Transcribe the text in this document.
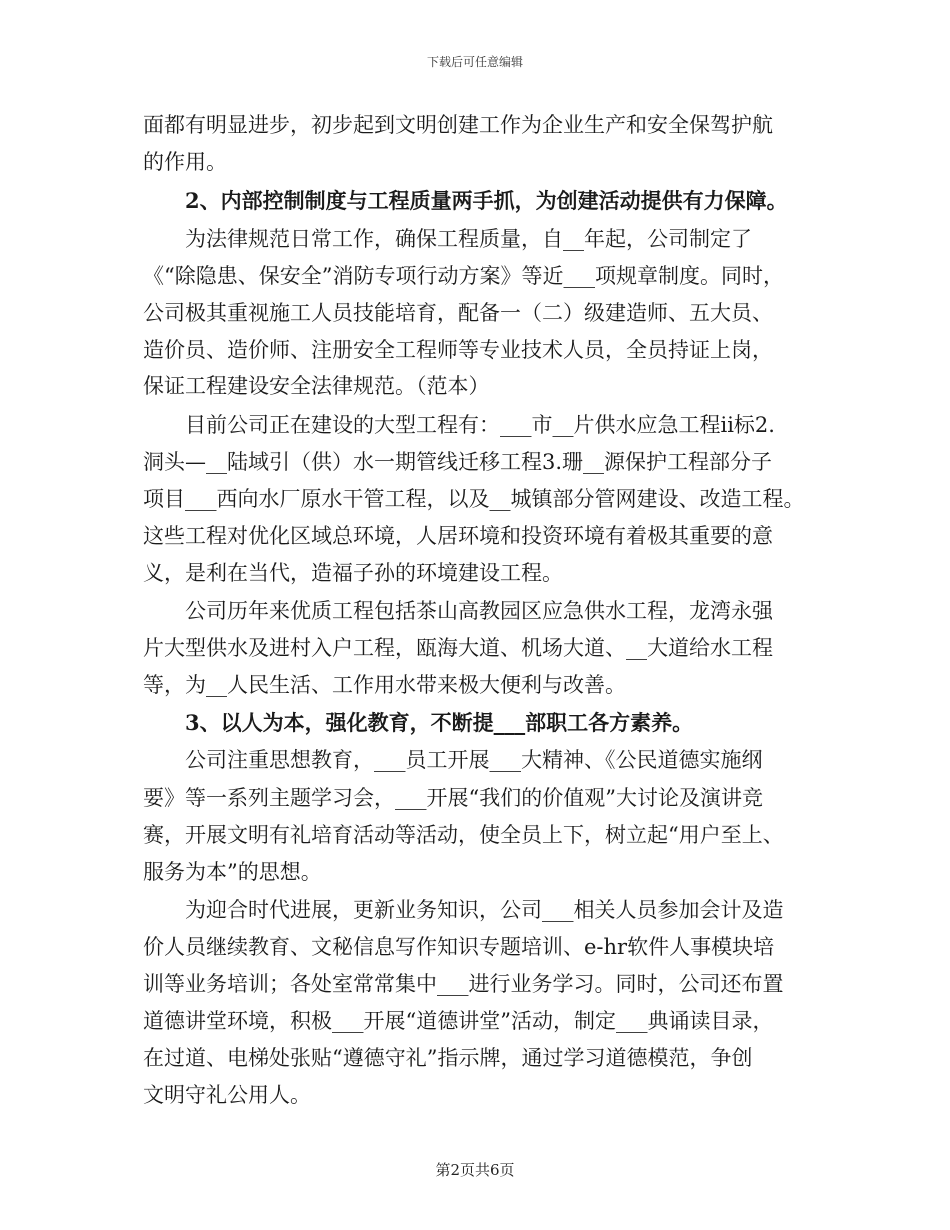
下载后可任意编辑
面都有明显进步，初步起到文明创建工作为企业生产和安全保驾护航
的作用。
2、内部控制制度与工程质量两手抓，为创建活动提供有力保障。
为法律规范日常工作，确保工程质量，自__年起，公司制定了
《“除隐患、保安全”消防专项行动方案》等近___项规章制度。同时，
公司极其重视施工人员技能培育，配备一（二）级建造师、五大员、
造价员、造价师、注册安全工程师等专业技术人员，全员持证上岗，
保证工程建设安全法律规范。（范本）
目前公司正在建设的大型工程有：___市__片供水应急工程ii标2.
洞头—__陆域引（供）水一期管线迁移工程3.珊__源保护工程部分子
项目___西向水厂原水干管工程，以及__城镇部分管网建设、改造工程。
这些工程对优化区域总环境，人居环境和投资环境有着极其重要的意
义，是利在当代，造福子孙的环境建设工程。
公司历年来优质工程包括茶山高教园区应急供水工程，龙湾永强
片大型供水及进村入户工程，瓯海大道、机场大道、__大道给水工程
等，为__人民生活、工作用水带来极大便利与改善。
3、以人为本，强化教育，不断提___部职工各方素养。
公司注重思想教育，___员工开展___大精神、《公民道德实施纲
要》等一系列主题学习会，___开展“我们的价值观”大讨论及演讲竞
赛，开展文明有礼培育活动等活动，使全员上下，树立起“用户至上、
服务为本”的思想。
为迎合时代进展，更新业务知识，公司___相关人员参加会计及造
价人员继续教育、文秘信息写作知识专题培训、e-hr软件人事模块培
训等业务培训；各处室常常集中___进行业务学习。同时，公司还布置
道德讲堂环境，积极___开展“道德讲堂”活动，制定___典诵读目录，
在过道、电梯处张贴“遵德守礼”指示牌，通过学习道德模范，争创
文明守礼公用人。
第2页共6页
